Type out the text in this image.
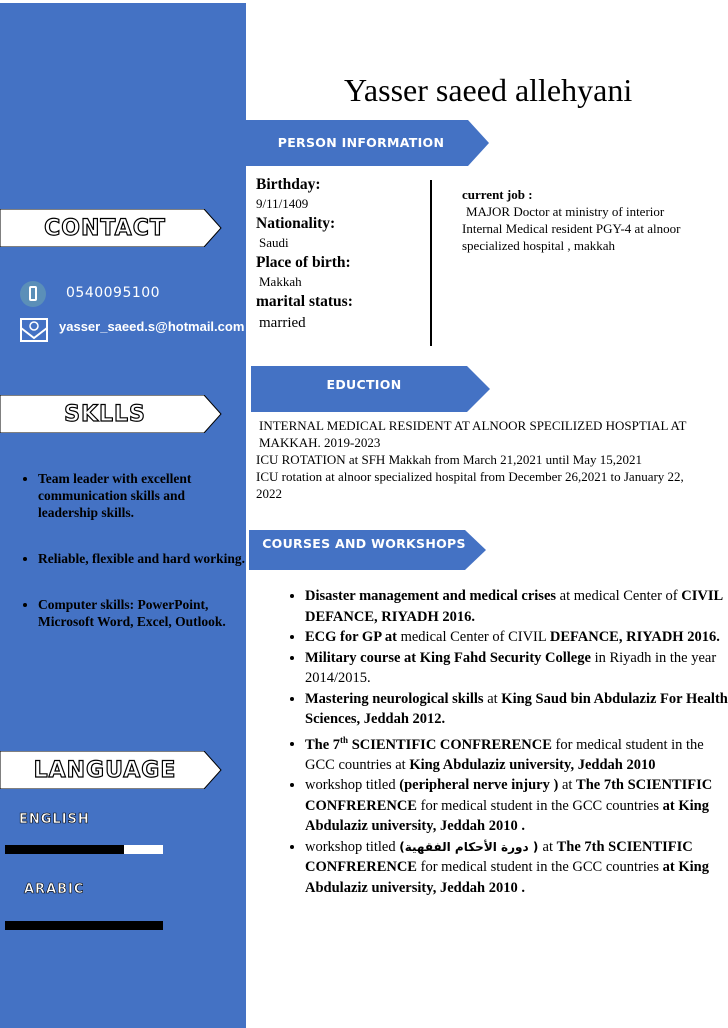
CONTACT
0540095100
yasser_saeed.s@hotmail.com
SKLLS
• Team leader with excellent communication skills and leadership skills.
• Reliable, flexible and hard working.
• Computer skills: PowerPoint, Microsoft Word, Excel, Outlook.
LANGUAGE
ENGLISH
ARABIC
Yasser saeed allehyani
PERSON INFORMATION
Birthday:
9/11/1409
Nationality:
Saudi
Place of birth:
Makkah
marital status:
married
current job :
MAJOR Doctor at ministry of interior
Internal Medical resident PGY-4 at alnoor specialized hospital , makkah
EDUCTION
INTERNAL MEDICAL RESIDENT AT ALNOOR SPECILIZED HOSPTIAL AT MAKKAH. 2019-2023
ICU ROTATION at SFH Makkah from March 21,2021 until May 15,2021
ICU rotation at alnoor specialized hospital from December 26,2021 to January 22, 2022
COURSES AND WORKSHOPS
• Disaster management and medical crises at medical Center of CIVIL DEFANCE, RIYADH 2016.
• ECG for GP at medical Center of CIVIL DEFANCE, RIYADH 2016.
• Military course at King Fahd Security College in Riyadh in the year 2014/2015.
• Mastering neurological skills at King Saud bin Abdulaziz For Health Sciences, Jeddah 2012.
• The 7th SCIENTIFIC CONFRERENCE for medical student in the GCC countries at King Abdulaziz university, Jeddah 2010
• workshop titled (peripheral nerve injury ) at The 7th SCIENTIFIC CONFRERENCE for medical student in the GCC countries at King Abdulaziz university, Jeddah 2010 .
• workshop titled (دورة الأحكام الفقهية ) at The 7th SCIENTIFIC CONFRERENCE for medical student in the GCC countries at King Abdulaziz university, Jeddah 2010 .
